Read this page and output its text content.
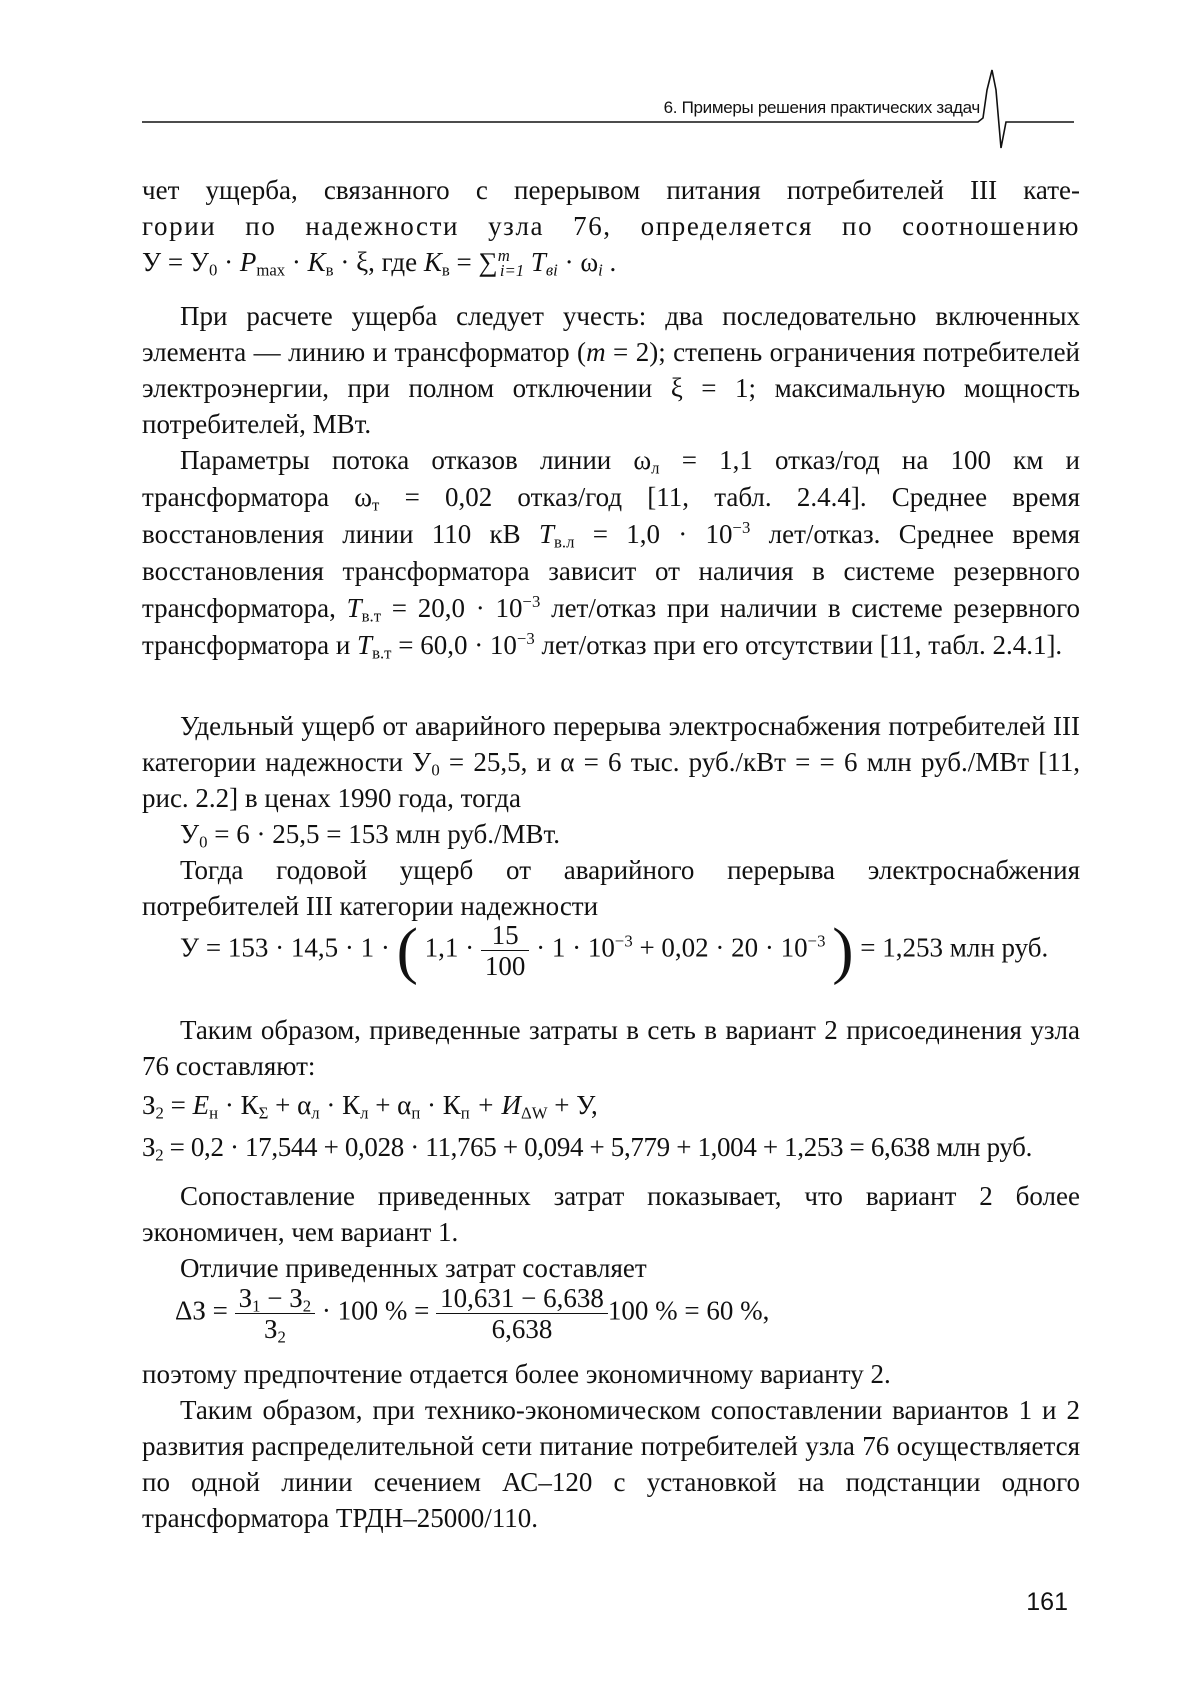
6. Примеры решения практических задач
чет ущерба, связанного с перерывом питания потребителей III кате-
гории по надежности узла 76, определяется по соотношению
$У = У_0 \cdot P_{max} \cdot K_в \cdot \xi$, где $K_в = \sum^m_{i=1}$ $T_{вi} \cdot \omega_i$ .

При расчете ущерба следует учесть: два последовательно включенных элемента — линию и трансформатор (m = 2); степень ограничения потребителей электроэнергии, при полном отключении ξ = 1; максимальную мощность потребителей, МВт.

Параметры потока отказов линии $\omega_л = 1,1$ отказ/год на 100 км и трансформатора $\omega_т = 0,02$ отказ/год [11, табл. 2.4.4]. Среднее время восстановления линии 110 кВ $T_{в.л} = 1,0 \cdot 10^{-3}$ лет/отказ. Среднее время восстановления трансформатора зависит от наличия в системе резервного трансформатора, $T_{в.т} = 20,0 \cdot 10^{-3}$ лет/отказ при наличии в системе резервного трансформатора и $T_{в.т} = 60,0 \cdot 10^{-3}$ лет/отказ при его отсутствии [11, табл. 2.4.1].

Удельный ущерб от аварийного перерыва электроснабжения потребителей III категории надежности $У_0 = 25,5$, и α = 6 тыс. руб./кВт = = 6 млн руб./МВт [11, рис. 2.2] в ценах 1990 года, тогда

$У_0 = 6 \cdot 25,5 = 153$ млн руб./МВт.

Тогда годовой ущерб от аварийного перерыва электроснабжения потребителей III категории надежности

У = 153 · 14,5 · 1 · ( $1,1 \cdot \frac{15}{100} \cdot 1 \cdot 10^{-3} + 0,02 \cdot 20 \cdot 10^{-3}$ ) = 1,253 млн руб.

Таким образом, приведенные затраты в сеть в вариант 2 присоединения узла 76 составляют:

$З_2 = E_н \cdot К_\Sigma + \alpha_л \cdot К_л + \alpha_п \cdot К_п + И_{\Delta W} + У$,
$З_2 = 0,2 \cdot 17,544 + 0,028 \cdot 11,765 + 0,094 + 5,779 + 1,004 + 1,253 = 6,638$ млн руб.

Сопоставление приведенных затрат показывает, что вариант 2 более экономичен, чем вариант 1.

Отличие приведенных затрат составляет

$\Delta З = \frac{З_1 - З_2}{З_2} \cdot 100$ % = $\frac{10,631 - 6,638}{6,638} 100$ % = 60 %,

поэтому предпочтение отдается более экономичному варианту 2.

Таким образом, при технико-экономическом сопоставлении вариантов 1 и 2 развития распределительной сети питание потребителей узла 76 осуществляется по одной линии сечением АС–120 с установкой на подстанции одного трансформатора ТРДН–25000/110.

161
